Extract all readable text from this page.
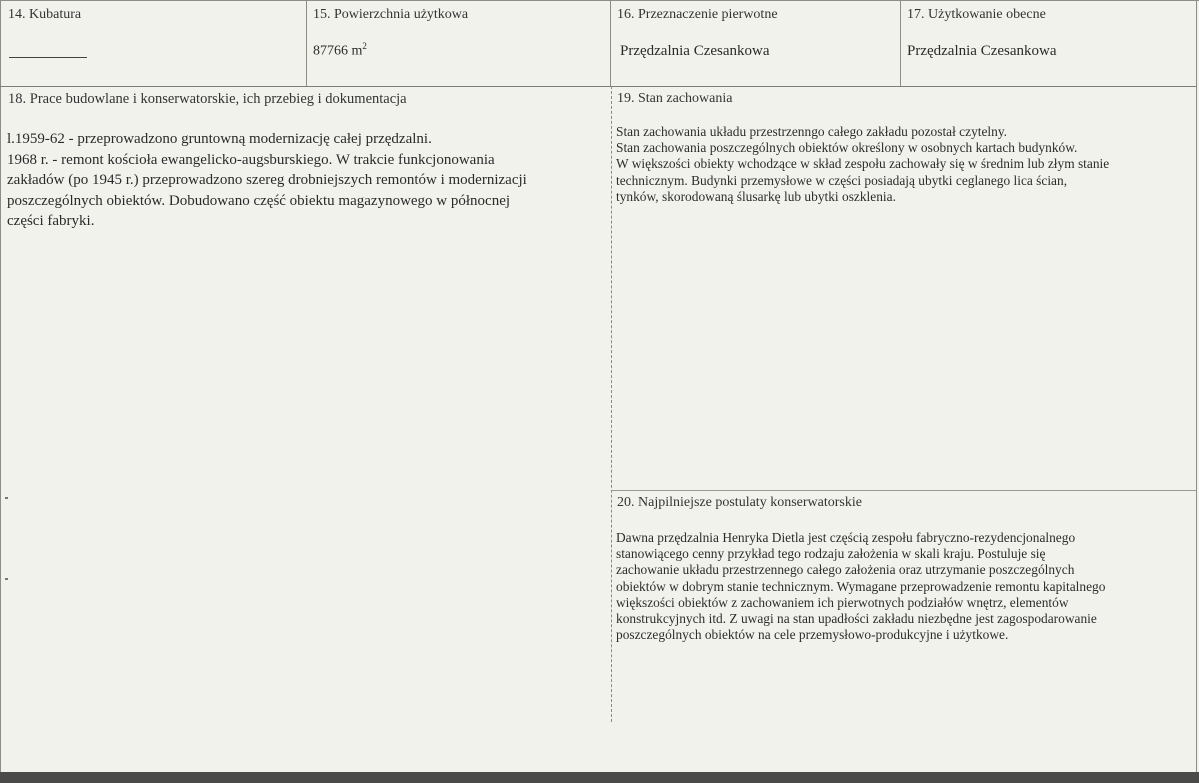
14. Kubatura	15. Powierzchnia użytkowa
87766 $m^2$
16. Przeznaczenie pierwotne
Przędzalnia Czesankowa
17. Użytkowanie obecne
Przędzalnia Czesankowa
18. Prace budowlane i konserwatorskie, ich przebieg i dokumentacja

l.1959-62 - przeprowadzono gruntowną modernizację całej przędzalni.

1968 r. - remont kościoła ewangelicko-augsburskiego. W trakcie funkcjonowania

zakładów (po 1945 r.) przeprowadzono szereg drobniejszych remontów i modernizacji

poszczególnych obiektów. Dobudowano część obiektu magazynowego w północnej

części fabryki.

19. Stan zachowania

Stan zachowania układu przestrzenngo całego zakładu pozostał czytelny.

Stan zachowania poszczególnych obiektów określony w osobnych kartach budynków.

W większości obiekty wchodzące w skład zespołu zachowały się w średnim lub złym stanie

technicznym. Budynki przemysłowe w części posiadają ubytki ceglanego lica ścian,

tynków, skorodowaną ślusarkę lub ubytki oszklenia.

20. Najpilniejsze postulaty konserwatorskie

Dawna przędzalnia Henryka Dietla jest częścią zespołu fabryczno-rezydencjonalnego

stanowiącego cenny przykład tego rodzaju założenia w skali kraju. Postuluje się

zachowanie układu przestrzennego całego założenia oraz utrzymanie poszczególnych

obiektów w dobrym stanie technicznym. Wymagane przeprowadzenie remontu kapitalnego

większości obiektów z zachowaniem ich pierwotnych podziałów wnętrz, elementów

konstrukcyjnych itd. Z uwagi na stan upadłości zakładu niezbędne jest zagospodarowanie

poszczególnych obiektów na cele przemysłowo-produkcyjne i użytkowe.
